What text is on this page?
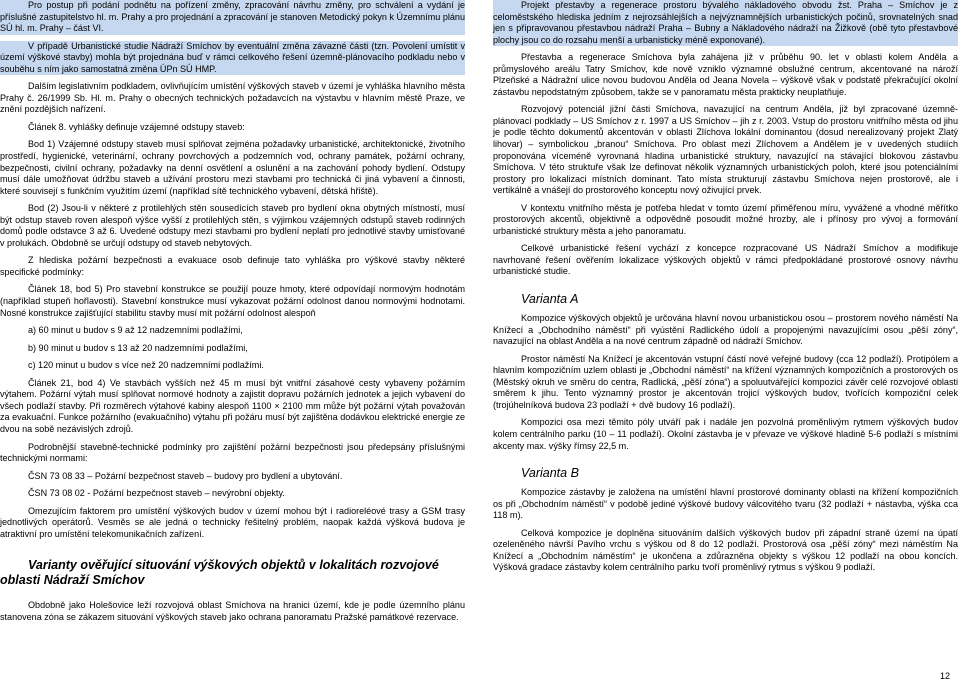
Pro postup při podání podnětu na pořízení změny, zpracování návrhu změny, pro schválení a vydání je příslušné zastupitelstvo hl. m. Prahy a pro projednání a zpracování je stanoven Metodický pokyn k Územnímu plánu SÚ hl. m. Prahy – část VI.

V případě Urbanistické studie Nádraží Smíchov by eventuální změna závazné části (tzn. Povolení umístit v území výškové stavby) mohla být projednána buď v rámci celkového řešení územně-plánovacího podkladu nebo v souběhu s ním jako samostatná změna ÚPn SÚ HMP.

Dalším legislativním podkladem, ovlivňujícím umístění výškových staveb v území je vyhláška hlavního města Prahy č. 26/1999 Sb. Hl. m. Prahy o obecných technických požadavcích na výstavbu v hlavním městě Praze, ve znění pozdějších nařízení.

Článek 8. vyhlášky definuje vzájemné odstupy staveb:

Bod 1) Vzájemné odstupy staveb musí splňovat zejména požadavky urbanistické, architektonické, životního prostředí, hygienické, veterinární, ochrany povrchových a podzemních vod, ochrany památek, požární ochrany, bezpečnosti, civilní ochrany, požadavky na denní osvětlení a oslunění a na zachování pohody bydlení. Odstupy musí dále umožňovat údržbu staveb a užívání prostoru mezi stavbami pro technická či jiná vybavení a činnosti, které souvisejí s funkčním využitím území (například sítě technického vybavení, dětská hřiště).

Bod (2) Jsou-li v některé z protilehlých stěn sousedících staveb pro bydlení okna obytných místností, musí být odstup staveb roven alespoň výšce vyšší z protilehlých stěn, s výjimkou vzájemných odstupů staveb rodinných domů podle odstavce 3 až 6. Uvedené odstupy mezi stavbami pro bydlení neplatí pro jednotlivé stavby umisťované v prolukách. Obdobně se určují odstupy od staveb nebytových.

Z hlediska požární bezpečnosti a evakuace osob definuje tato vyhláška pro výškové stavby některé specifické podmínky:

Článek 18, bod 5) Pro stavební konstrukce se použijí pouze hmoty, které odpovídají normovým hodnotám (například stupeň hořlavosti). Stavební konstrukce musí vykazovat požární odolnost danou normovými hodnotami. Nosné konstrukce zajišťující stabilitu stavby musí mít požární odolnost alespoň

a) 60 minut u budov s 9 až 12 nadzemními podlažími,
b) 90 minut u budov s 13 až 20 nadzemními podlažími,
c) 120 minut u budov s více než 20 nadzemními podlažími.

Článek 21, bod 4) Ve stavbách vyšších než 45 m musí být vnitřní zásahové cesty vybaveny požárním výtahem. Požární výtah musí splňovat normové hodnoty a zajistit dopravu požárních jednotek a jejich vybavení do všech podlaží stavby. Při rozměrech výtahové kabiny alespoň 1100 × 2100 mm může být požární výtah považován za evakuační. Funkce požárního (evakuačního) výtahu při požáru musí být zajištěna dodávkou elektrické energie ze dvou na sobě nezávislých zdrojů.

Podrobnější stavebně-technické podmínky pro zajištění požární bezpečnosti jsou předepsány příslušnými technickými normami:

ČSN 73 08 33 – Požární bezpečnost staveb – budovy pro bydlení a ubytování.

ČSN 73 08 02 - Požární bezpečnost staveb – nevýrobní objekty.

Omezujícím faktorem pro umístění výškových budov v území mohou být i radioreléové trasy a GSM trasy jednotlivých operátorů. Vesměs se ale jedná o technicky řešitelný problém, naopak každá výšková budova je atraktivní pro umístění telekomunikačních zařízení.

Varianty ověřující situování výškových objektů v lokalitách rozvojové oblasti Nádraží Smíchov

Obdobně jako Holešovice leží rozvojová oblast Smíchova na hranici území, kde je podle územního plánu stanovena zóna se zákazem situování výškových staveb jako ochrana panoramatu Pražské památkové rezervace.

Projekt přestavby a regenerace prostoru bývalého nákladového obvodu žst. Praha – Smíchov je z celoměstského hlediska jedním z nejrozsáhlejších a nejvýznamnějších urbanistických počinů, srovnatelných snad jen s připravovanou přestavbou nádraží Praha – Bubny a Nákladového nádraží na Žižkově (obě tyto přestavbové plochy jsou co do rozsahu menší a urbanisticky méně exponované).

Přestavba a regenerace Smíchova byla zahájena již v průběhu 90. let v oblasti kolem Anděla a průmyslového areálu Tatry Smíchov, kde nově vzniklo významné obslužné centrum, akcentované na nároží Plzeňské a Nádražní ulice novou budovou Anděla od Jeana Novela – výškově však v podstatě překračující okolní zástavbu nepodstatným způsobem, takže se v panoramatu města prakticky neuplatňuje.

Rozvojový potenciál jižní části Smíchova, navazující na centrum Anděla, již byl zpracované územně-plánovací podklady – US Smíchov z r. 1997 a US Smíchov – jih z r. 2003. Vstup do prostoru vnitřního města od jihu je podle těchto dokumentů akcentován v oblasti Zlíchova lokální dominantou (dosud nerealizovaný projekt Zlatý lihovar) – symbolickou „branou“ Smíchova. Pro oblast mezi Zlíchovem a Andělem je v uvedených studiích proponována víceméně vyrovnaná hladina urbanistické struktury, navazující na stávající blokovou zástavbu Smíchova. V této struktuře však lze definovat několik významných urbanistických poloh, které jsou potenciálními prostory pro lokalizaci místních dominant. Tato místa strukturují zástavbu Smíchova nejen prostorově, ale i vertikálně a vnášejí do prostorového konceptu nový oživující prvek.

V kontextu vnitřního města je potřeba hledat v tomto území přiměřenou míru, vyvážené a vhodné měřítko prostorových akcentů, objektivně a odpovědně posoudit možné hrozby, ale i přínosy pro vývoj a formování urbanistické struktury města a jeho panoramatu.

Celkové urbanistické řešení vychází z koncepce rozpracované US Nádraží Smíchov a modifikuje navrhované řešení ověřením lokalizace výškových objektů v rámci předpokládané prostorové osnovy návrhu urbanistické studie.

Varianta A

Kompozice výškových objektů je určována hlavní novou urbanistickou osou – prostorem nového náměstí Na Knížecí a „Obchodního náměstí“ při vyústění Radlického údolí a propojenými navazujícími osou „pěší zóny“, navazující na oblast Anděla a na nové centrum západně od nádraží Smíchov.

Prostor náměstí Na Knížecí je akcentován vstupní částí nové veřejné budovy (cca 12 podlaží). Protipólem a hlavním kompozičním uzlem oblasti je „Obchodní náměstí“ na křížení významných kompozičních a prostorových os (Městský okruh ve směru do centra, Radlická, „pěší zóna“) a spoluutvářející kompozici závěr celé rozvojové oblasti směrem k jihu. Tento významný prostor je akcentován trojicí výškových budov, tvořících kompoziční celek (trojúhelníková budova 23 podlaží + dvě budovy 16 podlaží).

Kompozici osa mezi těmito póly utváří pak i nadále jen pozvolná proměnlivým rytmem výškových budov kolem centrálního parku (10 – 11 podlaží). Okolní zástavba je v převaze ve výškové hladině 5-6 podlaží s místními akcenty max. výšky římsy 22,5 m.

Varianta B

Kompozice zástavby je založena na umístění hlavní prostorové dominanty oblasti na křížení kompozičních os při „Obchodním náměstí“ v podobě jediné výškové budovy válcovitého tvaru (32 podlaží + nástavba, výška cca 118 m).

Celková kompozice je doplněna situováním dalších výškových budov při západní straně území na úpatí ozeleněného návrší Pavího vrchu s výškou od 8 do 12 podlaží. Prostorová osa „pěší zóny“ mezi náměstím Na Knížecí a „Obchodním náměstím“ je ukončena a zdůrazněna objekty s výškou 12 podlaží na obou koncích. Výšková gradace zástavby kolem centrálního parku tvoří proměnlivý rytmus s výškou 9 podlaží.

12
